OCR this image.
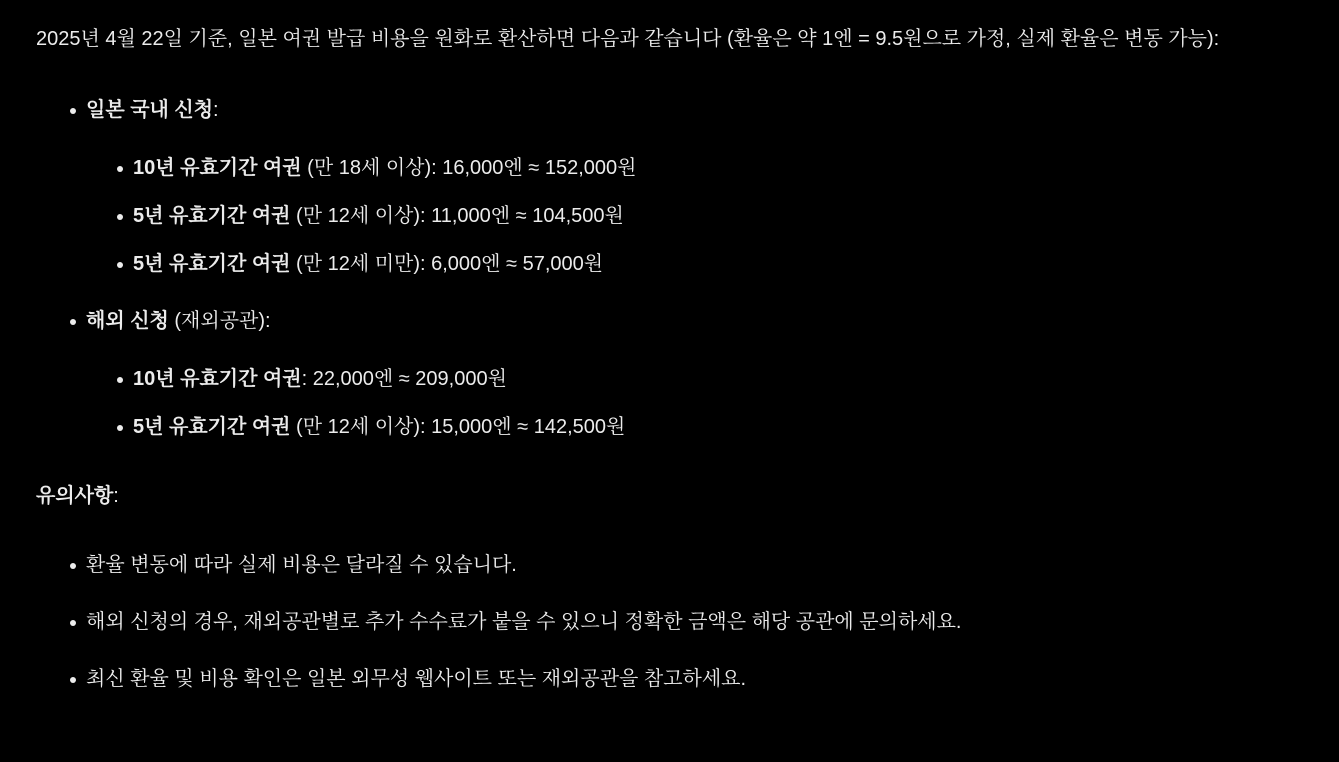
2025년 4월 22일 기준, 일본 여권 발급 비용을 원화로 환산하면 다음과 같습니다 (환율은 약 1엔 = 9.5원으로 가정, 실제 환율은 변동 가능):

일본 국내 신청:
10년 유효기간 여권 (만 18세 이상): 16,000엔 ≈ 152,000원
5년 유효기간 여권 (만 12세 이상): 11,000엔 ≈ 104,500원
5년 유효기간 여권 (만 12세 미만): 6,000엔 ≈ 57,000원
해외 신청 (재외공관):
10년 유효기간 여권: 22,000엔 ≈ 209,000원
5년 유효기간 여권 (만 12세 이상): 15,000엔 ≈ 142,500원

유의사항:

환율 변동에 따라 실제 비용은 달라질 수 있습니다.
해외 신청의 경우, 재외공관별로 추가 수수료가 붙을 수 있으니 정확한 금액은 해당 공관에 문의하세요.
최신 환율 및 비용 확인은 일본 외무성 웹사이트 또는 재외공관을 참고하세요.
